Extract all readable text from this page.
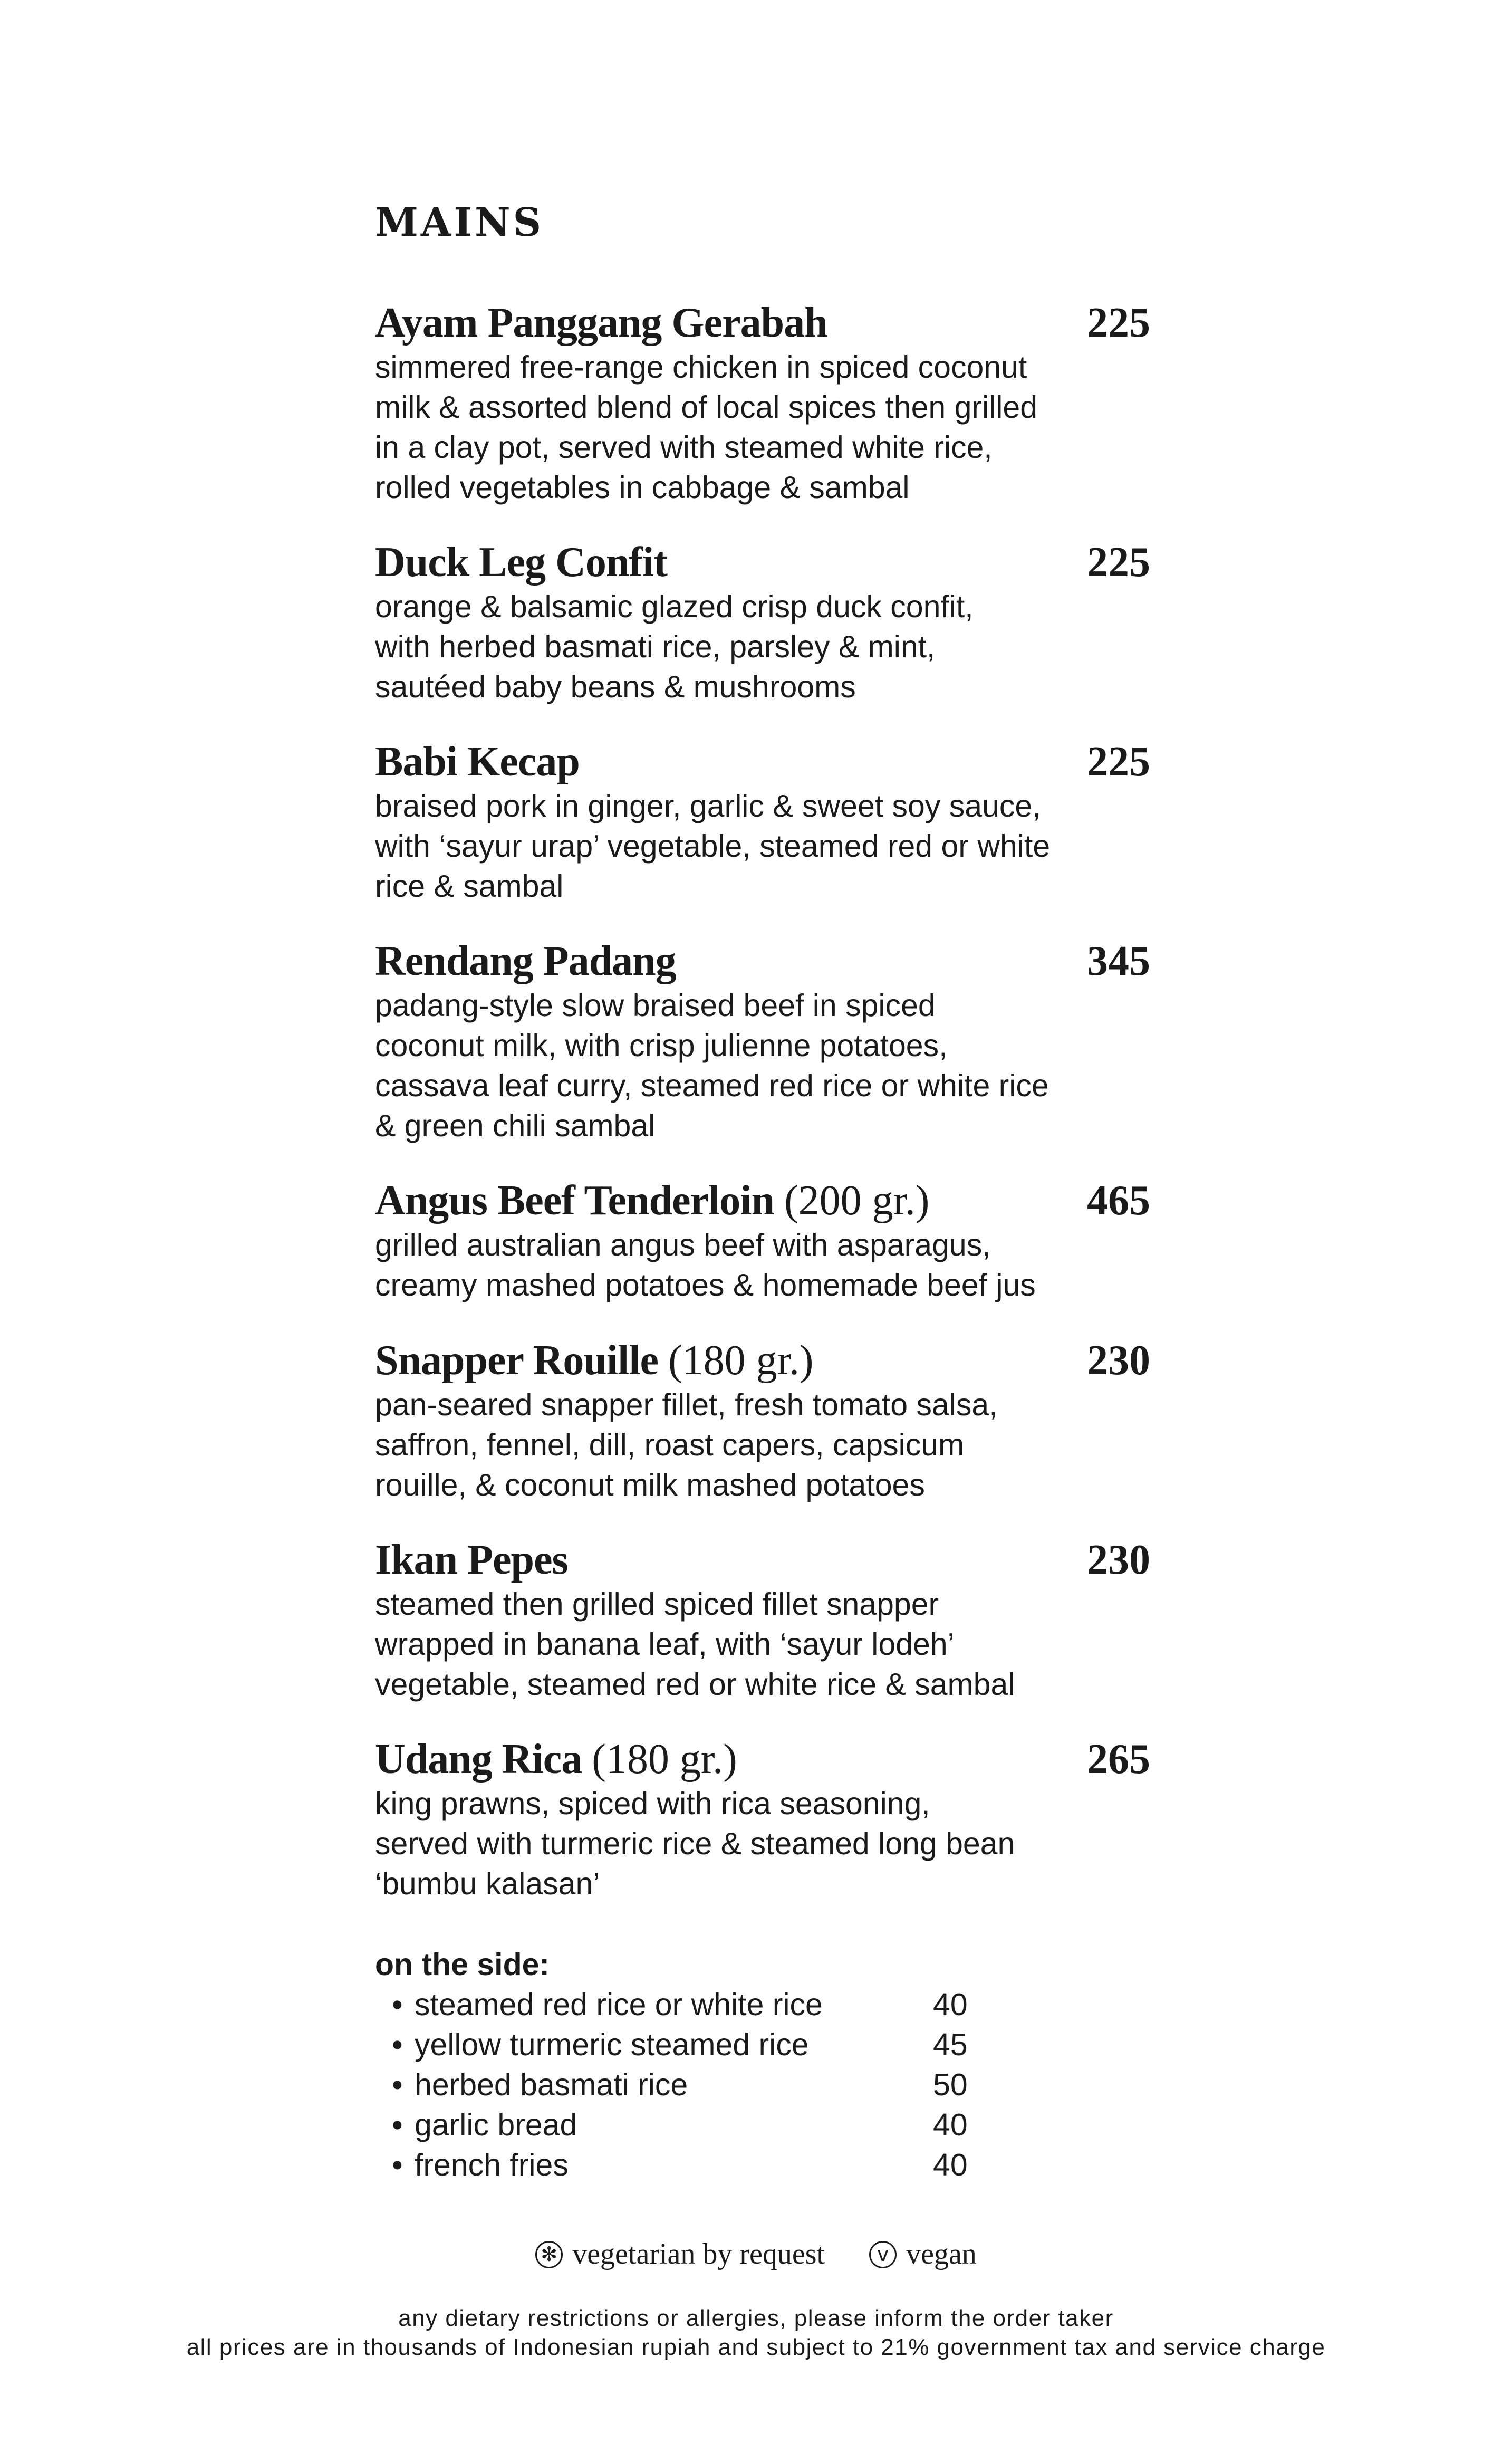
MAINS
Ayam Panggang Gerabah	225
simmered free-range chicken in spiced coconut
milk & assorted blend of local spices then grilled
in a clay pot, served with steamed white rice,
rolled vegetables in cabbage & sambal
Duck Leg Confit	225
orange & balsamic glazed crisp duck confit,
with herbed basmati rice, parsley & mint,
sautéed baby beans & mushrooms
Babi Kecap	225
braised pork in ginger, garlic & sweet soy sauce,
with ‘sayur urap’ vegetable, steamed red or white
rice & sambal
Rendang Padang	345
padang-style slow braised beef in spiced
coconut milk, with crisp julienne potatoes,
cassava leaf curry, steamed red rice or white rice
& green chili sambal
Angus Beef Tenderloin (200 gr.)	465
grilled australian angus beef with asparagus,
creamy mashed potatoes & homemade beef jus
Snapper Rouille (180 gr.)	230
pan-seared snapper fillet, fresh tomato salsa,
saffron, fennel, dill, roast capers, capsicum
rouille, & coconut milk mashed potatoes
Ikan Pepes	230
steamed then grilled spiced fillet snapper
wrapped in banana leaf, with ‘sayur lodeh’
vegetable, steamed red or white rice & sambal
Udang Rica (180 gr.)	265
king prawns, spiced with rica seasoning,
served with turmeric rice & steamed long bean
‘bumbu kalasan’
on the side:
• steamed red rice or white rice	40
• yellow turmeric steamed rice	45
• herbed basmati rice	50
• garlic bread	40
• french fries	40
✻ vegetarian by request	v vegan
any dietary restrictions or allergies, please inform the order taker
all prices are in thousands of Indonesian rupiah and subject to 21% government tax and service charge
